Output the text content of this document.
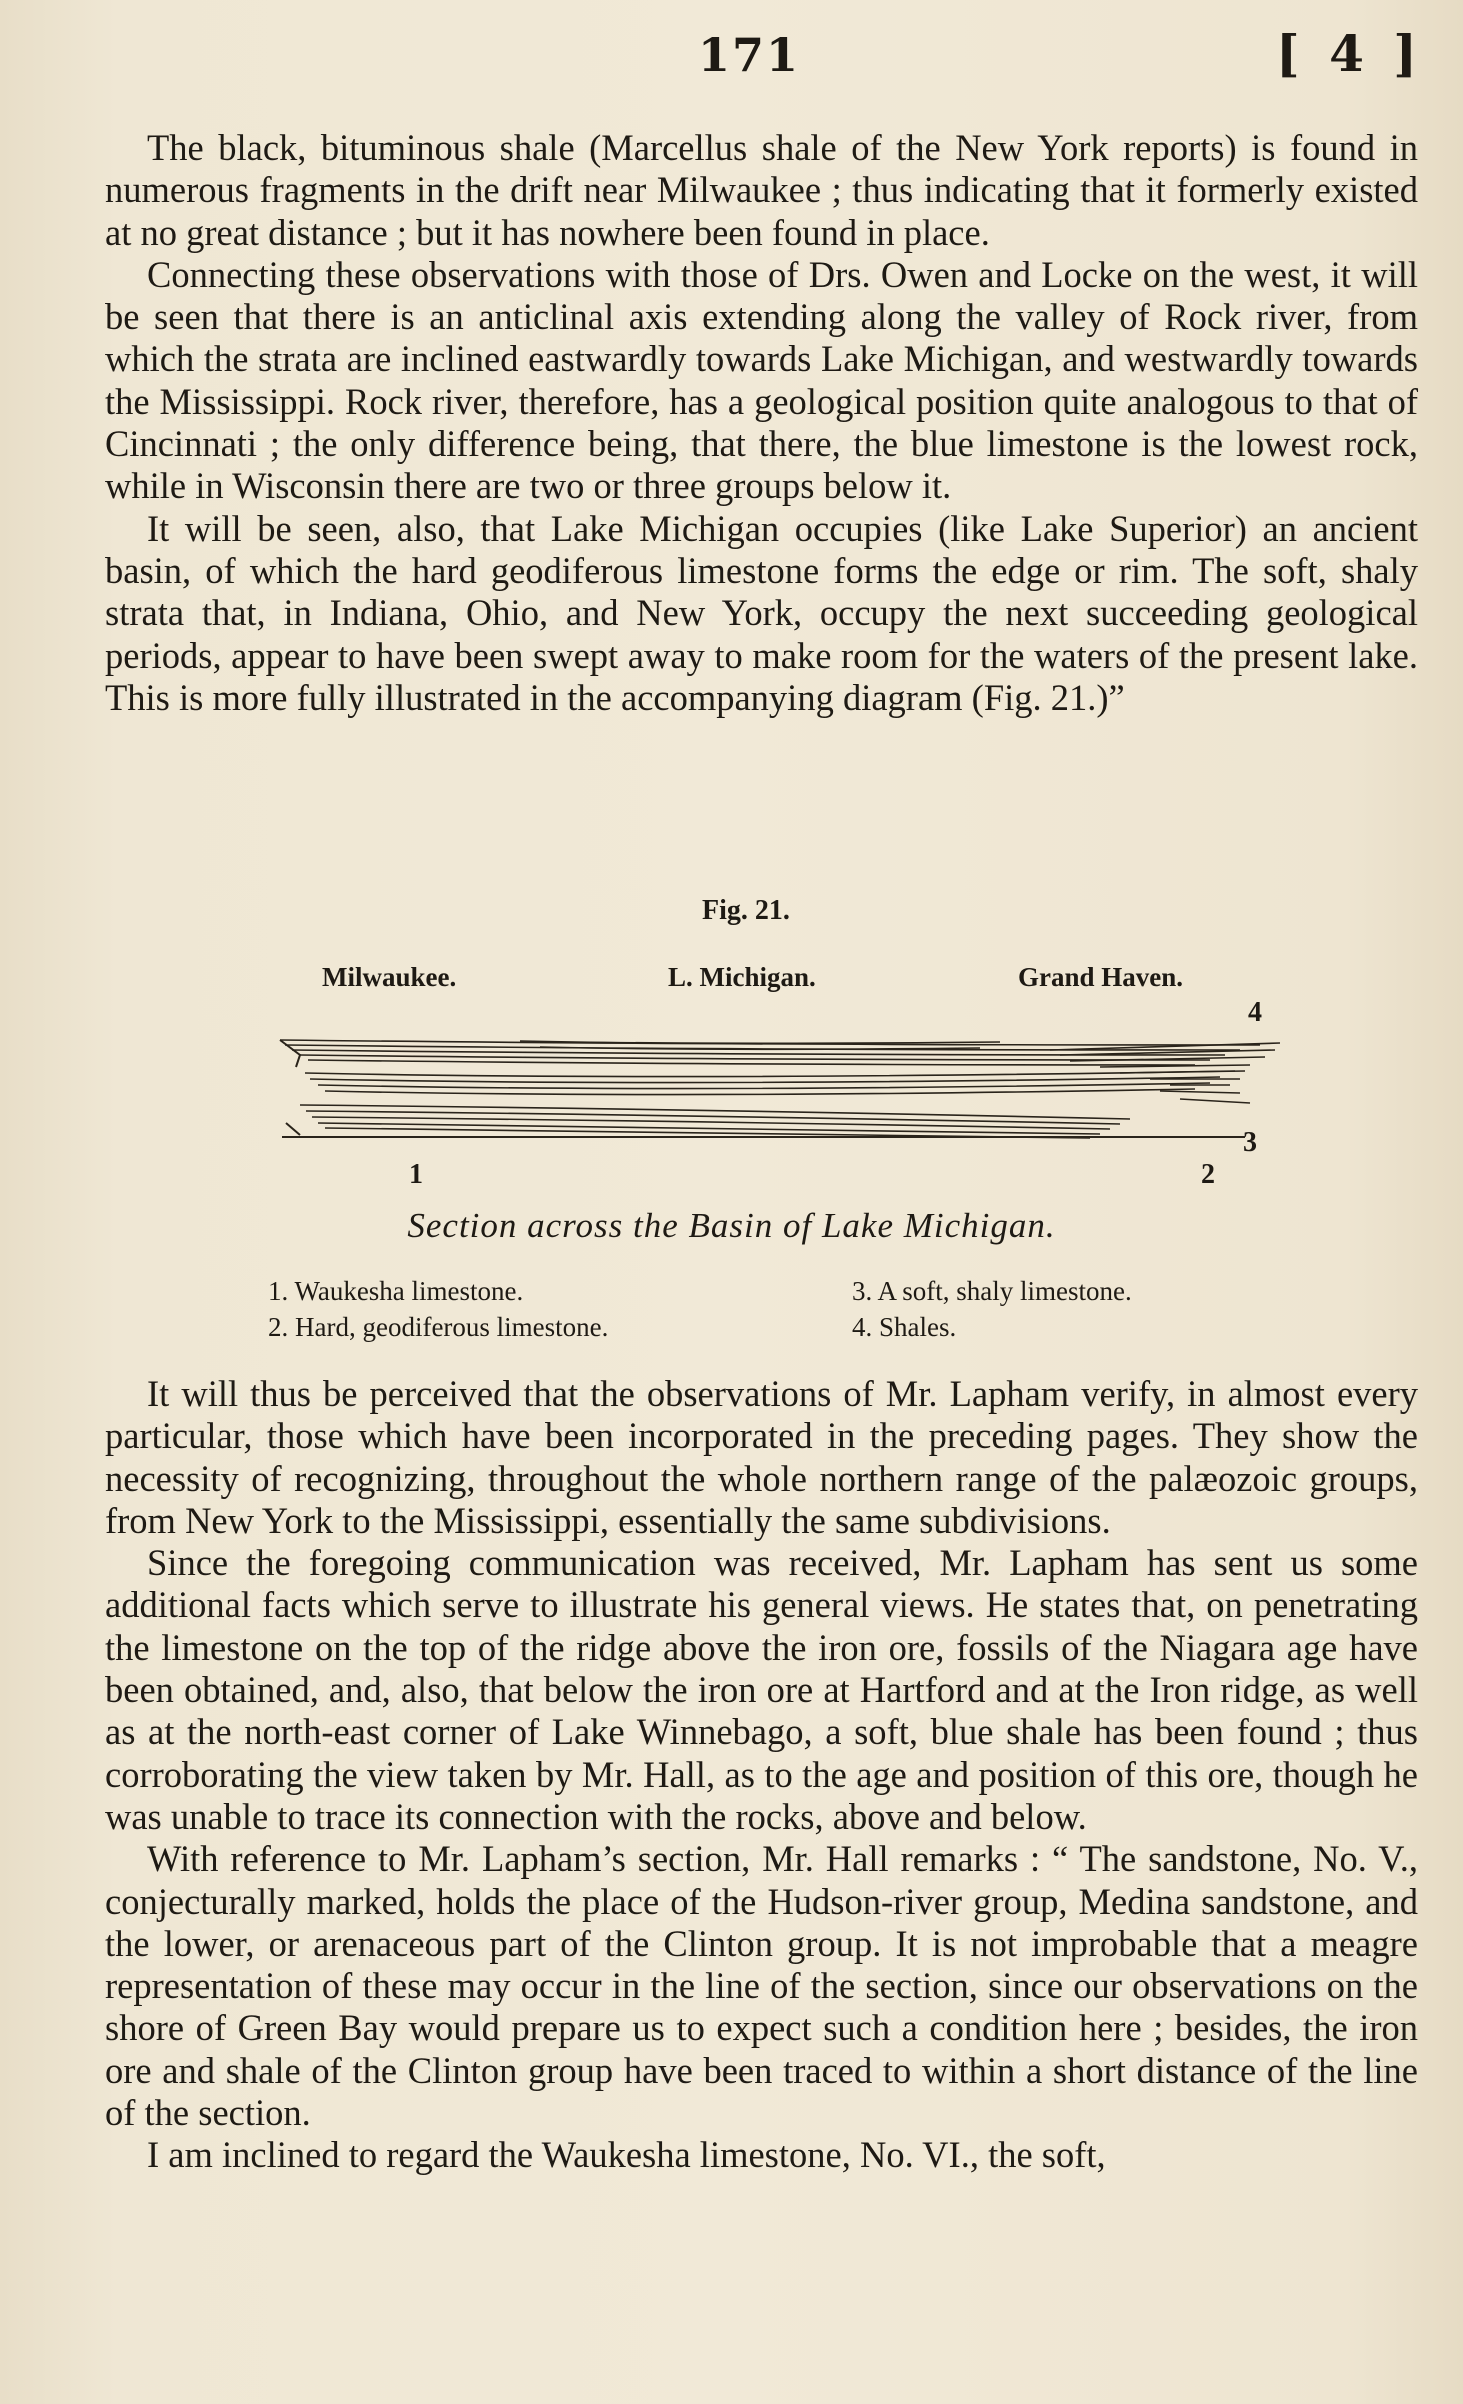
171	[ 4 ]

The black, bituminous shale (Marcellus shale of the New York reports) is found in numerous fragments in the drift near Milwaukee ; thus indicating that it formerly existed at no great distance ; but it has nowhere been found in place.

Connecting these observations with those of Drs. Owen and Locke on the west, it will be seen that there is an anticlinal axis extending along the valley of Rock river, from which the strata are inclined eastwardly towards Lake Michigan, and westwardly towards the Mississippi. Rock river, therefore, has a geological position quite analogous to that of Cincinnati ; the only difference being, that there, the blue limestone is the lowest rock, while in Wisconsin there are two or three groups below it.

It will be seen, also, that Lake Michigan occupies (like Lake Superior) an ancient basin, of which the hard geodiferous limestone forms the edge or rim. The soft, shaly strata that, in Indiana, Ohio, and New York, occupy the next succeeding geological periods, appear to have been swept away to make room for the waters of the present lake. This is more fully illustrated in the accompanying diagram (Fig. 21.)”

Fig. 21.
Milwaukee.	L. Michigan.	Grand Haven.
4
3
1	2
Section across the Basin of Lake Michigan.
1. Waukesha limestone.
2. Hard, geodiferous limestone.
3. A soft, shaly limestone.
4. Shales.

It will thus be perceived that the observations of Mr. Lapham verify, in almost every particular, those which have been incorporated in the preceding pages. They show the necessity of recognizing, throughout the whole northern range of the palæozoic groups, from New York to the Mississippi, essentially the same subdivisions.

Since the foregoing communication was received, Mr. Lapham has sent us some additional facts which serve to illustrate his general views. He states that, on penetrating the limestone on the top of the ridge above the iron ore, fossils of the Niagara age have been obtained, and, also, that below the iron ore at Hartford and at the Iron ridge, as well as at the north-east corner of Lake Winnebago, a soft, blue shale has been found ; thus corroborating the view taken by Mr. Hall, as to the age and position of this ore, though he was unable to trace its connection with the rocks, above and below.

With reference to Mr. Lapham’s section, Mr. Hall remarks : “ The sandstone, No. V., conjecturally marked, holds the place of the Hudson-river group, Medina sandstone, and the lower, or arenaceous part of the Clinton group. It is not improbable that a meagre representation of these may occur in the line of the section, since our observations on the shore of Green Bay would prepare us to expect such a condition here ; besides, the iron ore and shale of the Clinton group have been traced to within a short distance of the line of the section.

I am inclined to regard the Waukesha limestone, No. VI., the soft,
